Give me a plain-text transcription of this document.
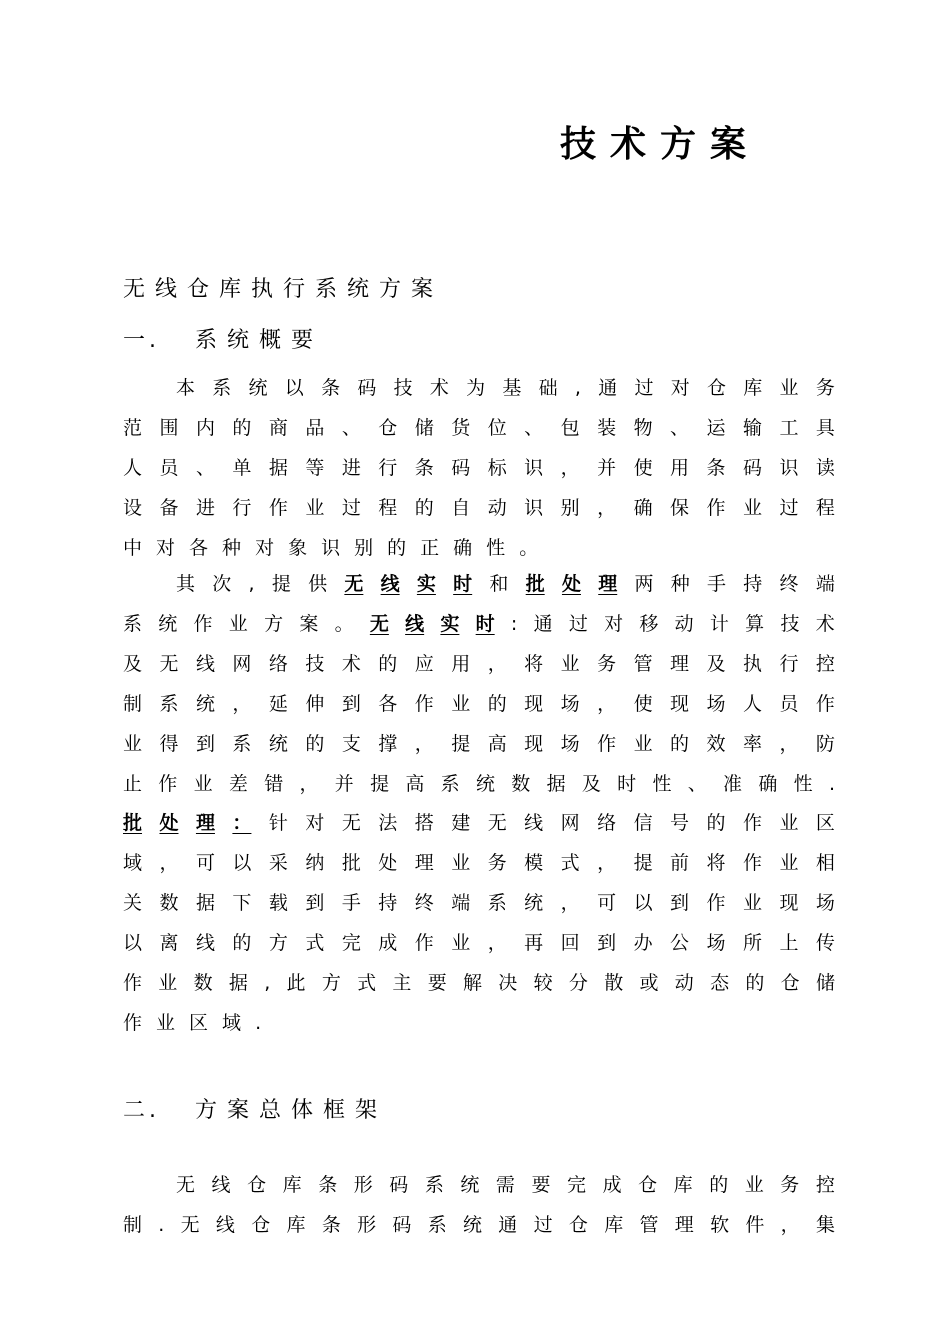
技术方案
无线仓库执行系统方案
一. 系统概要
本 系 统 以 条 码 技 术 为 基 础 , 通 过 对 仓 库 业 务
范 围 内 的 商 品 、 仓 储 货 位 、 包 装 物 、 运 输 工 具
人 员 、 单 据 等 进 行 条 码 标 识 ， 并 使 用 条 码 识 读
设 备 进 行 作 业 过 程 的 自 动 识 别 ， 确 保 作 业 过 程
中 对 各 种 对 象 识 别 的 正 确 性 。
其 次 , 提 供 无 线 实 时 和 批 处 理 两 种 手 持 终 端
系 统 作 业 方 案 。 无 线 实 时 : 通 过 对 移 动 计 算 技 术
及 无 线 网 络 技 术 的 应 用 ， 将 业 务 管 理 及 执 行 控
制 系 统 ， 延 伸 到 各 作 业 的 现 场 ， 使 现 场 人 员 作
业 得 到 系 统 的 支 撑 ， 提 高 现 场 作 业 的 效 率 ， 防
止 作 业 差 错 ， 并 提 高 系 统 数 据 及 时 性 、 准 确 性 .
批 处 理 ： 针 对 无 法 搭 建 无 线 网 络 信 号 的 作 业 区
域 ， 可 以 采 纳 批 处 理 业 务 模 式 ， 提 前 将 作 业 相
关 数 据 下 载 到 手 持 终 端 系 统 ， 可 以 到 作 业 现 场
以 离 线 的 方 式 完 成 作 业 ， 再 回 到 办 公 场 所 上 传
作 业 数 据 , 此 方 式 主 要 解 决 较 分 散 或 动 态 的 仓 储
作 业 区 域 .
二. 方案总体框架
无 线 仓 库 条 形 码 系 统 需 要 完 成 仓 库 的 业 务 控
制 . 无 线 仓 库 条 形 码 系 统 通 过 仓 库 管 理 软 件 ， 集
